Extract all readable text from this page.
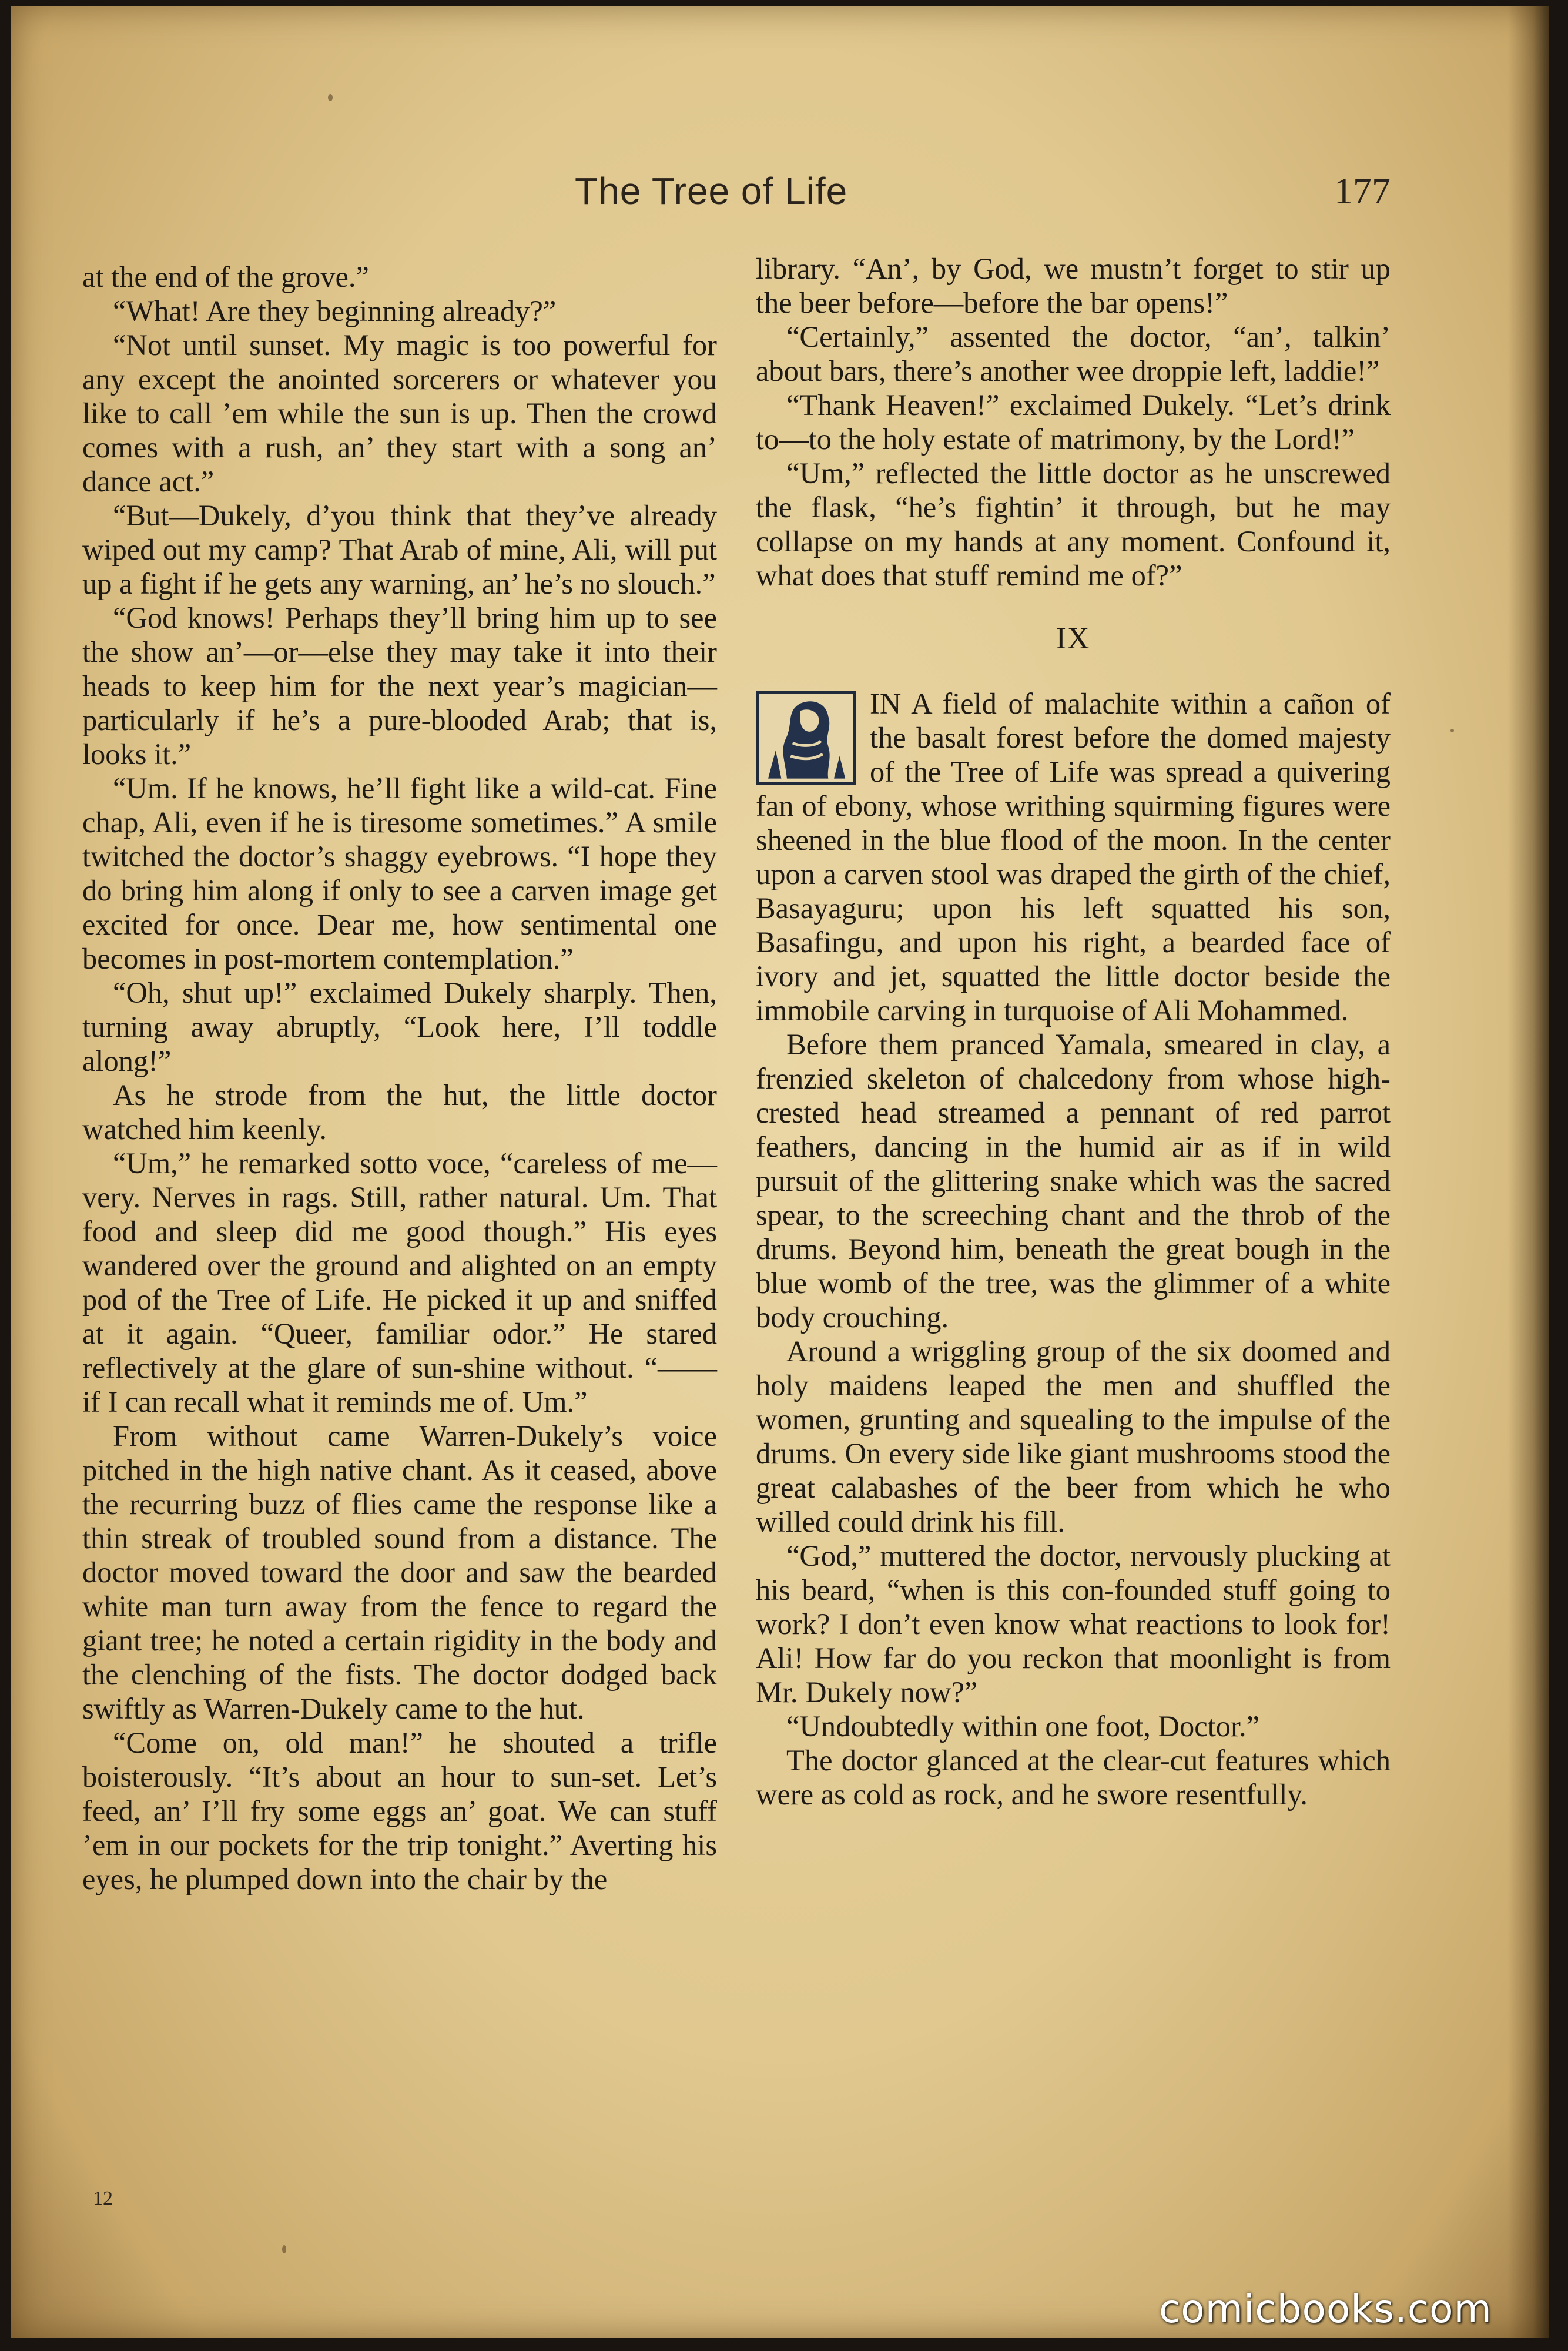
The Tree of Life	177

at the end of the grove.”

“What! Are they beginning already?”

“Not until sunset. My magic is too powerful for any except the anointed sorcerers or whatever you like to call ’em while the sun is up. Then the crowd comes with a rush, an’ they start with a song an’ dance act.”

“But—Dukely, d’you think that they’ve already wiped out my camp? That Arab of mine, Ali, will put up a fight if he gets any warning, an’ he’s no slouch.”

“God knows! Perhaps they’ll bring him up to see the show an’—or—else they may take it into their heads to keep him for the next year’s magician—particularly if he’s a pure-blooded Arab; that is, looks it.”

“Um. If he knows, he’ll fight like a wild-cat. Fine chap, Ali, even if he is tiresome sometimes.” A smile twitched the doctor’s shaggy eyebrows. “I hope they do bring him along if only to see a carven image get excited for once. Dear me, how sentimental one becomes in post-mortem contemplation.”

“Oh, shut up!” exclaimed Dukely sharply. Then, turning away abruptly, “Look here, I’ll toddle along!”

As he strode from the hut, the little doctor watched him keenly.

“Um,” he remarked sotto voce, “careless of me—very. Nerves in rags. Still, rather natural. Um. That food and sleep did me good though.” His eyes wandered over the ground and alighted on an empty pod of the Tree of Life. He picked it up and sniffed at it again. “Queer, familiar odor.” He stared reflectively at the glare of sun-shine without. “—— if I can recall what it reminds me of. Um.”

From without came Warren-Dukely’s voice pitched in the high native chant. As it ceased, above the recurring buzz of flies came the response like a thin streak of troubled sound from a distance. The doctor moved toward the door and saw the bearded white man turn away from the fence to regard the giant tree; he noted a certain rigidity in the body and the clenching of the fists. The doctor dodged back swiftly as Warren-Dukely came to the hut.

“Come on, old man!” he shouted a trifle boisterously. “It’s about an hour to sun-set. Let’s feed, an’ I’ll fry some eggs an’ goat. We can stuff ’em in our pockets for the trip tonight.” Averting his eyes, he plumped down into the chair by the

library. “An’, by God, we mustn’t forget to stir up the beer before—before the bar opens!”

“Certainly,” assented the doctor, “an’, talkin’ about bars, there’s another wee droppie left, laddie!”

“Thank Heaven!” exclaimed Dukely. “Let’s drink to—to the holy estate of matrimony, by the Lord!”

“Um,” reflected the little doctor as he unscrewed the flask, “he’s fightin’ it through, but he may collapse on my hands at any moment. Confound it, what does that stuff remind me of?”

IX

IN A field of malachite within a cañon of the basalt forest before the domed majesty of the Tree of Life was spread a quivering fan of ebony, whose writhing squirming figures were sheened in the blue flood of the moon. In the center upon a carven stool was draped the girth of the chief, Basayaguru; upon his left squatted his son, Basafingu, and upon his right, a bearded face of ivory and jet, squatted the little doctor beside the immobile carving in turquoise of Ali Mohammed.

Before them pranced Yamala, smeared in clay, a frenzied skeleton of chalcedony from whose high-crested head streamed a pennant of red parrot feathers, dancing in the humid air as if in wild pursuit of the glittering snake which was the sacred spear, to the screeching chant and the throb of the drums. Beyond him, beneath the great bough in the blue womb of the tree, was the glimmer of a white body crouching.

Around a wriggling group of the six doomed and holy maidens leaped the men and shuffled the women, grunting and squealing to the impulse of the drums. On every side like giant mushrooms stood the great calabashes of the beer from which he who willed could drink his fill.

“God,” muttered the doctor, nervously plucking at his beard, “when is this con-founded stuff going to work? I don’t even know what reactions to look for! Ali! How far do you reckon that moonlight is from Mr. Dukely now?”

“Undoubtedly within one foot, Doctor.”

The doctor glanced at the clear-cut features which were as cold as rock, and he swore resentfully.

12
comicbooks.com
